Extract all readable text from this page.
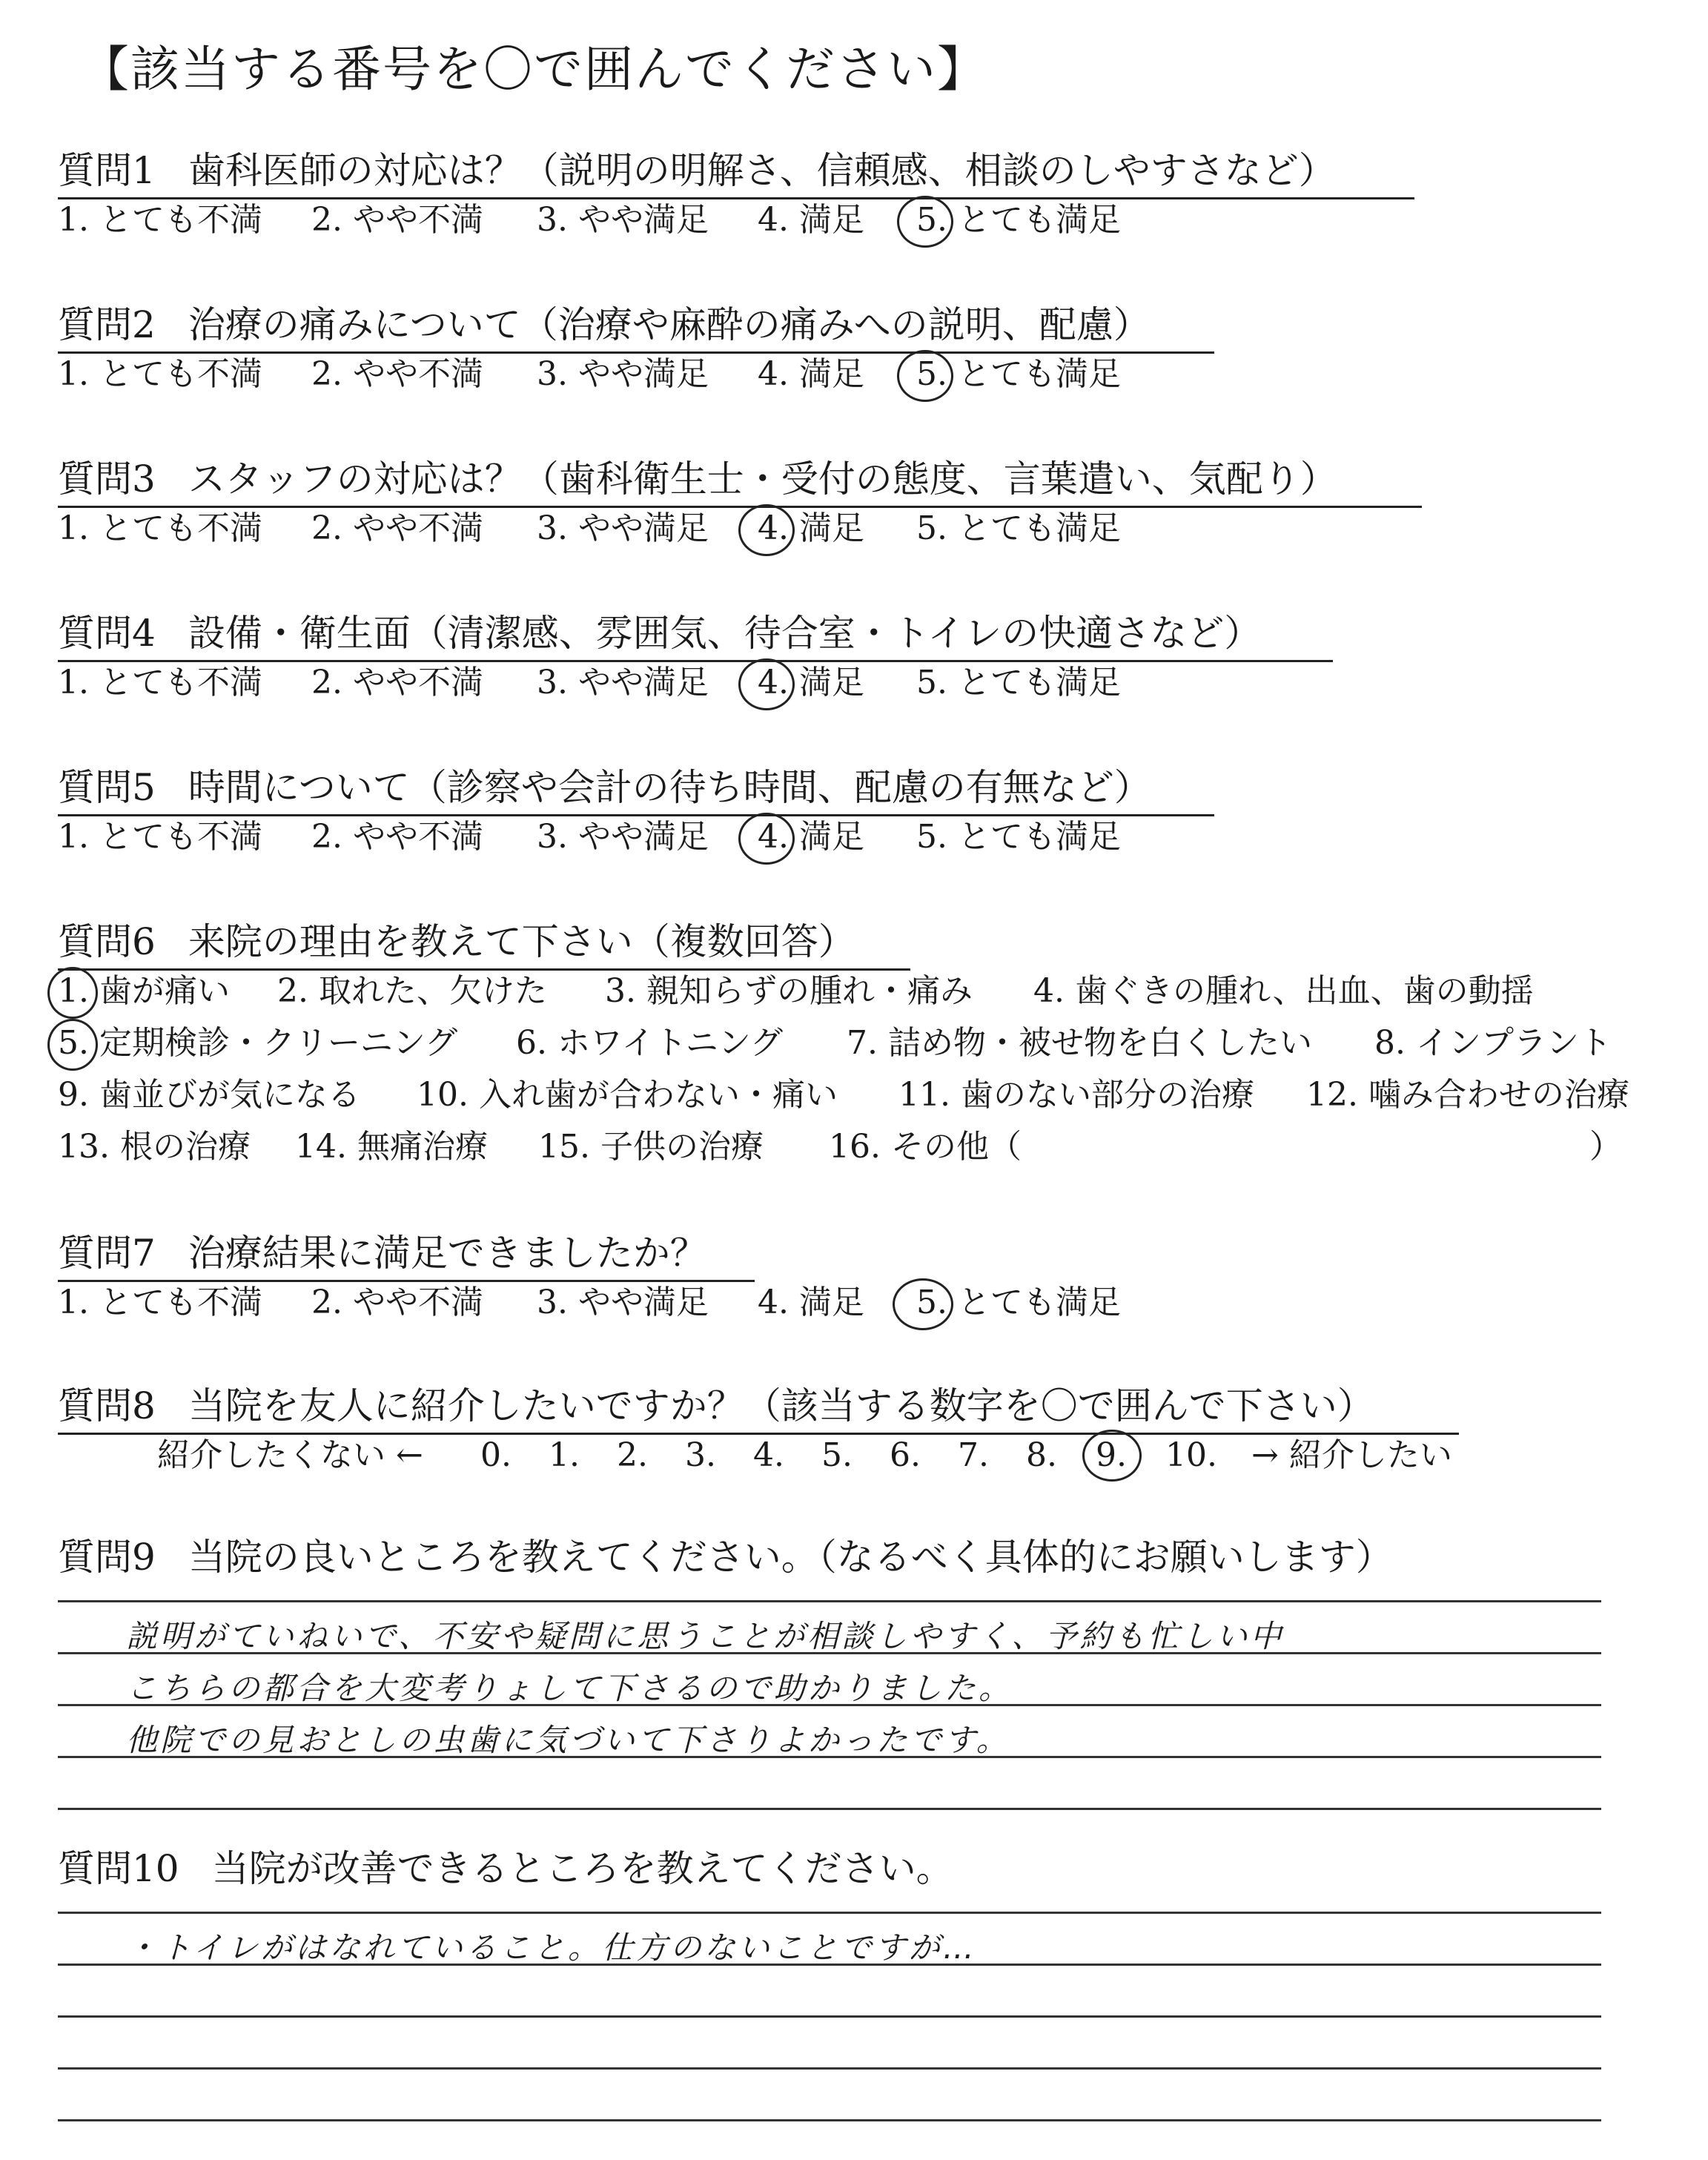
【該当する番号を〇で囲んでください】
質問1 歯科医師の対応は？（説明の明解さ、信頼感、相談のしやすさなど）
1. とても不満 2. やや不満 3. やや満足 4. 満足 5. とても満足
質問2 治療の痛みについて（治療や麻酔の痛みへの説明、配慮）
1. とても不満 2. やや不満 3. やや満足 4. 満足 5. とても満足
質問3 スタッフの対応は？（歯科衛生士・受付の態度、言葉遣い、気配り）
1. とても不満 2. やや不満 3. やや満足 4. 満足 5. とても満足
質問4 設備・衛生面（清潔感、雰囲気、待合室・トイレの快適さなど）
1. とても不満 2. やや不満 3. やや満足 4. 満足 5. とても満足
質問5 時間について（診察や会計の待ち時間、配慮の有無など）
1. とても不満 2. やや不満 3. やや満足 4. 満足 5. とても満足
質問6 来院の理由を教えて下さい（複数回答）
1. 歯が痛い 2. 取れた、欠けた 3. 親知らずの腫れ・痛み 4. 歯ぐきの腫れ、出血、歯の動揺
5. 定期検診・クリーニング 6. ホワイトニング 7. 詰め物・被せ物を白くしたい 8. インプラント
9. 歯並びが気になる 10. 入れ歯が合わない・痛い 11. 歯のない部分の治療 12. 噛み合わせの治療
13. 根の治療 14. 無痛治療 15. 子供の治療 16. その他（	）
質問7 治療結果に満足できましたか？
1. とても不満 2. やや不満 3. やや満足 4. 満足 5. とても満足
質問8 当院を友人に紹介したいですか？（該当する数字を〇で囲んで下さい）
紹介したくない ← 0. 1. 2. 3. 4. 5. 6. 7. 8. 9. 10. → 紹介したい
質問9 当院の良いところを教えてください。（なるべく具体的にお願いします）
説明がていねいで、不安や疑問に思うことが相談しやすく、予約も忙しい中
こちらの都合を大変考りょして下さるので助かりました。
他院での見おとしの虫歯に気づいて下さりよかったです。
質問10 当院が改善できるところを教えてください。
・トイレがはなれていること。仕方のないことですが…
